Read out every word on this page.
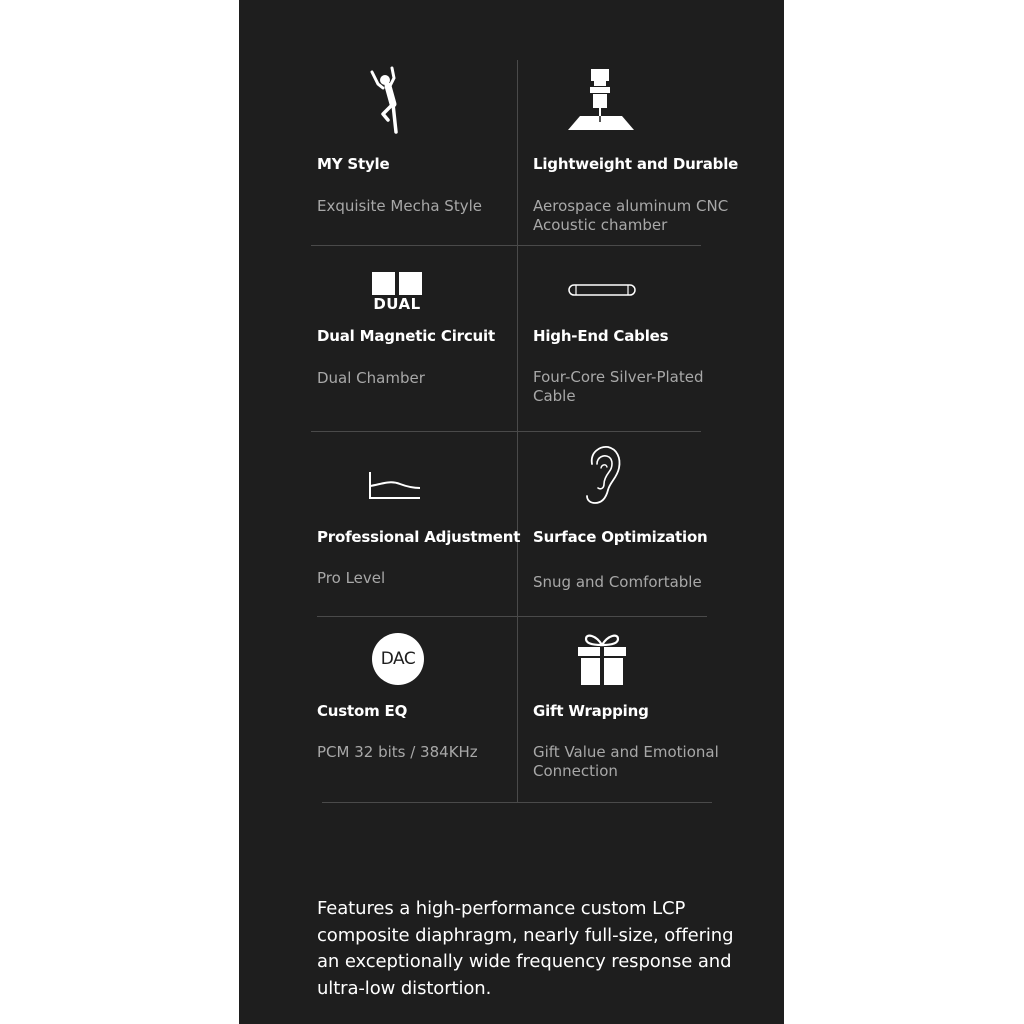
MY Style
Exquisite Mecha Style
Lightweight and Durable
Aerospace aluminum CNC Acoustic chamber
DUAL
Dual Magnetic Circuit
Dual Chamber
High-End Cables
Four-Core Silver-Plated Cable
Professional Adjustment
Pro Level
Surface Optimization
Snug and Comfortable
DAC
Custom EQ
PCM 32 bits / 384KHz
Gift Wrapping
Gift Value and Emotional Connection
Features a high-performance custom LCP composite diaphragm, nearly full-size, offering an exceptionally wide frequency response and ultra-low distortion.
